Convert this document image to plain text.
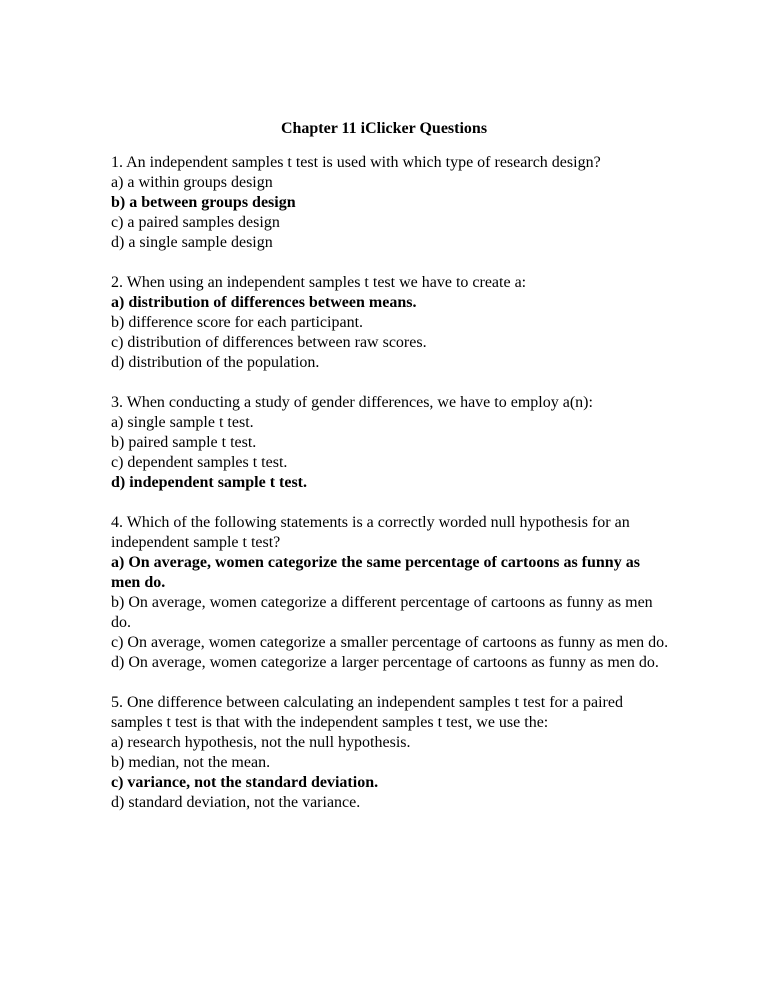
Chapter 11 iClicker Questions
1. An independent samples t test is used with which type of research design?
a) a within groups design
b) a between groups design
c) a paired samples design
d) a single sample design
2. When using an independent samples t test we have to create a:
a) distribution of differences between means.
b) difference score for each participant.
c) distribution of differences between raw scores.
d) distribution of the population.
3. When conducting a study of gender differences, we have to employ a(n):
a) single sample t test.
b) paired sample t test.
c) dependent samples t test.
d) independent sample t test.
4. Which of the following statements is a correctly worded null hypothesis for an independent sample t test?
a) On average, women categorize the same percentage of cartoons as funny as men do.
b) On average, women categorize a different percentage of cartoons as funny as men do.
c) On average, women categorize a smaller percentage of cartoons as funny as men do.
d) On average, women categorize a larger percentage of cartoons as funny as men do.
5. One difference between calculating an independent samples t test for a paired samples t test is that with the independent samples t test, we use the:
a) research hypothesis, not the null hypothesis.
b) median, not the mean.
c) variance, not the standard deviation.
d) standard deviation, not the variance.
